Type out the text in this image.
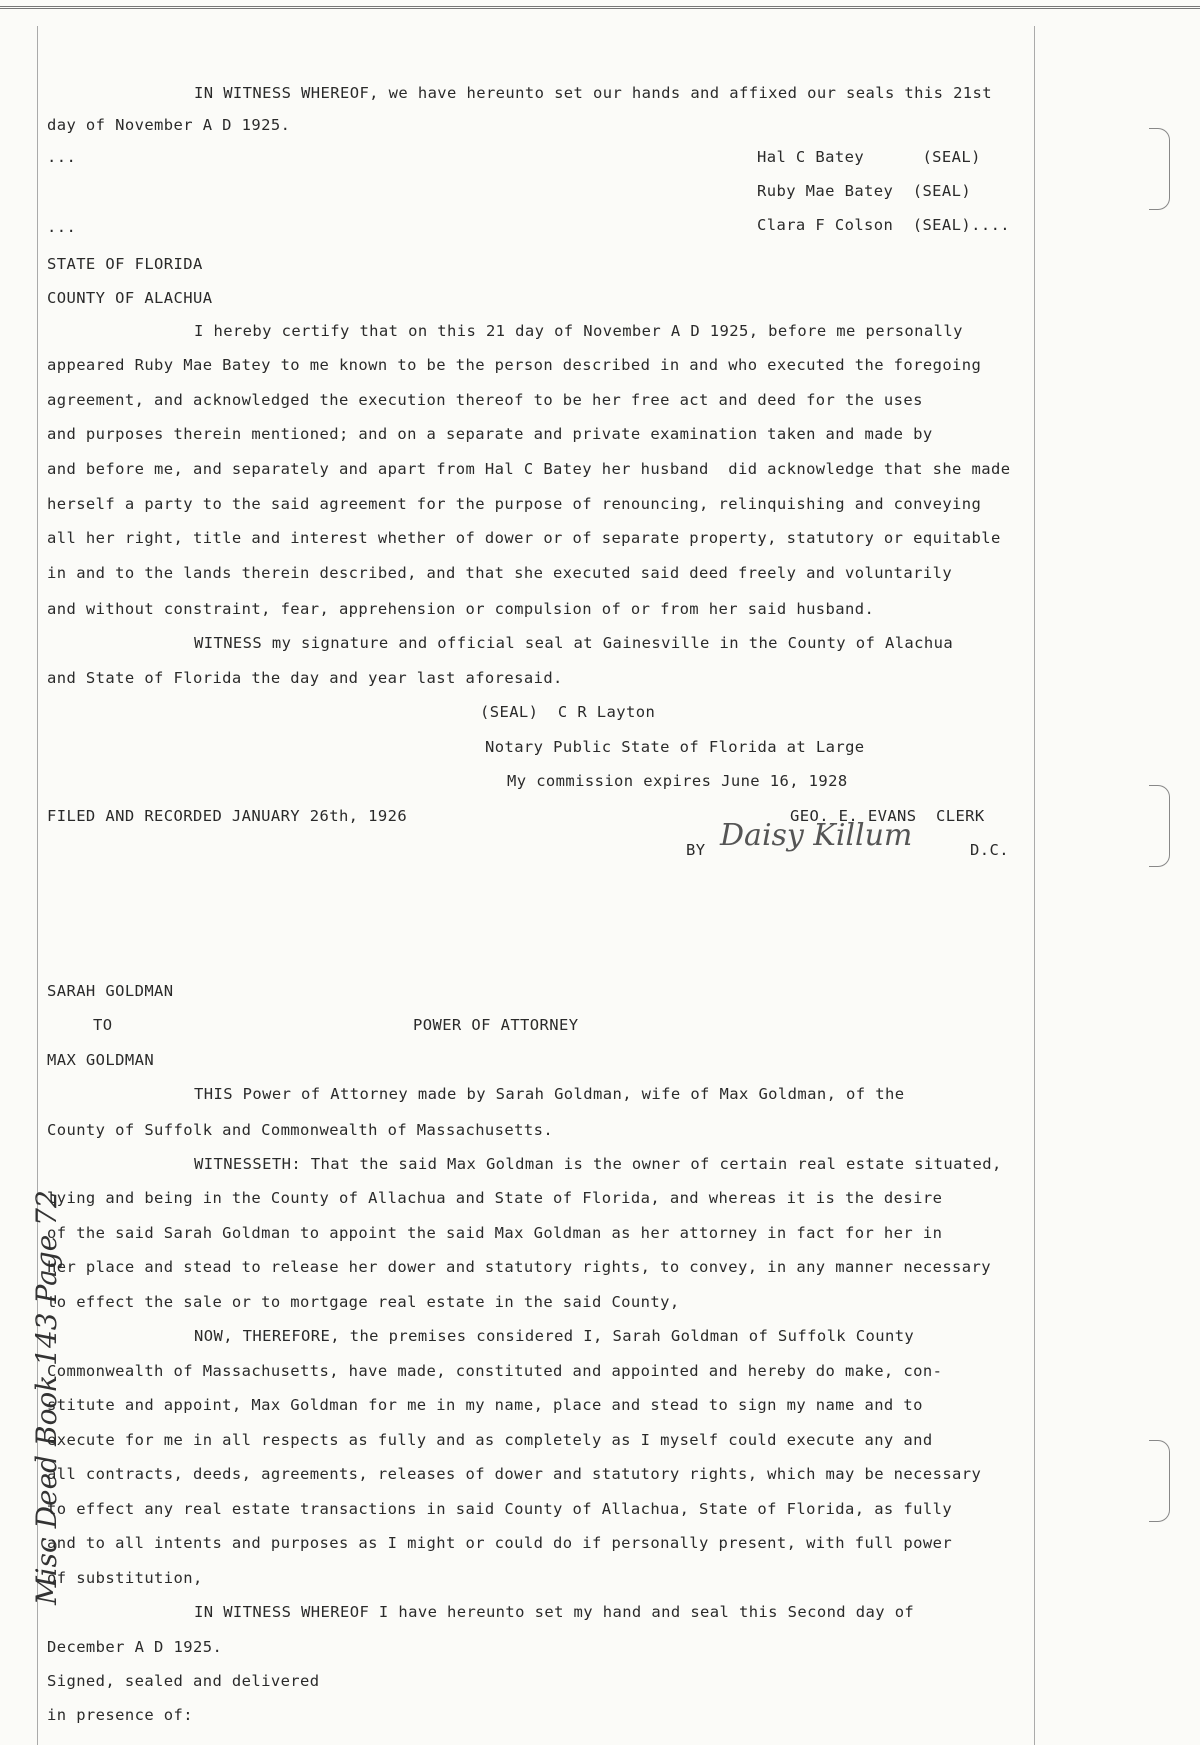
Misc Deed Book 143 Page 72
IN WITNESS WHEREOF, we have hereunto set our hands and affixed our seals this 21st
day of November A D 1925.
...	Hal C Batey      (SEAL)
Ruby Mae Batey  (SEAL)
...	Clara F Colson  (SEAL)....
STATE OF FLORIDA
COUNTY OF ALACHUA
I hereby certify that on this 21 day of November A D 1925, before me personally
appeared Ruby Mae Batey to me known to be the person described in and who executed the foregoing
agreement, and acknowledged the execution thereof to be her free act and deed for the uses
and purposes therein mentioned; and on a separate and private examination taken and made by
and before me, and separately and apart from Hal C Batey her husband  did acknowledge that she made
herself a party to the said agreement for the purpose of renouncing, relinquishing and conveying
all her right, title and interest whether of dower or of separate property, statutory or equitable
in and to the lands therein described, and that she executed said deed freely and voluntarily
and without constraint, fear, apprehension or compulsion of or from her said husband.
WITNESS my signature and official seal at Gainesville in the County of Alachua
and State of Florida the day and year last aforesaid.
(SEAL)  C R Layton
Notary Public State of Florida at Large
My commission expires June 16, 1928
FILED AND RECORDED JANUARY 26th, 1926	GEO. E. EVANS  CLERK
BY Daisy Killum	D.C.
SARAH GOLDMAN
TO	POWER OF ATTORNEY
MAX GOLDMAN
THIS Power of Attorney made by Sarah Goldman, wife of Max Goldman, of the
County of Suffolk and Commonwealth of Massachusetts.
WITNESSETH: That the said Max Goldman is the owner of certain real estate situated,
lying and being in the County of Allachua and State of Florida, and whereas it is the desire
of the said Sarah Goldman to appoint the said Max Goldman as her attorney in fact for her in
her place and stead to release her dower and statutory rights, to convey, in any manner necessary
to effect the sale or to mortgage real estate in the said County,
NOW, THEREFORE, the premises considered I, Sarah Goldman of Suffolk County
Commonwealth of Massachusetts, have made, constituted and appointed and hereby do make, con-
stitute and appoint, Max Goldman for me in my name, place and stead to sign my name and to
execute for me in all respects as fully and as completely as I myself could execute any and
all contracts, deeds, agreements, releases of dower and statutory rights, which may be necessary
to effect any real estate transactions in said County of Allachua, State of Florida, as fully
and to all intents and purposes as I might or could do if personally present, with full power
of substitution,
IN WITNESS WHEREOF I have hereunto set my hand and seal this Second day of
December A D 1925.
Signed, sealed and delivered
in presence of:
